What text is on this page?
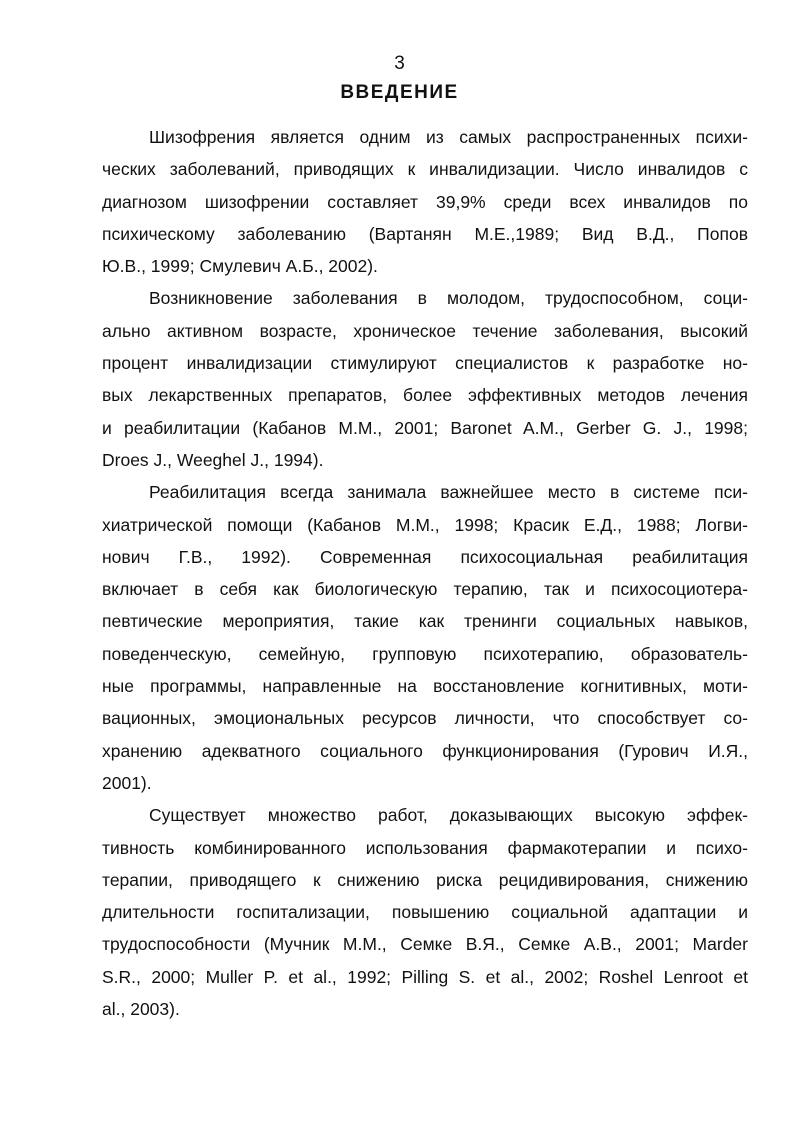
3
ВВЕДЕНИЕ

Шизофрения является одним из самых распространенных психи-
ческих заболеваний, приводящих к инвалидизации. Число инвалидов с
диагнозом шизофрении составляет 39,9% среди всех инвалидов по
психическому заболеванию (Вартанян М.Е.,1989; Вид В.Д., Попов
Ю.В., 1999; Смулевич А.Б., 2002).

Возникновение заболевания в молодом, трудоспособном, соци-
ально активном возрасте, хроническое течение заболевания, высокий
процент инвалидизации стимулируют специалистов к разработке но-
вых лекарственных препаратов, более эффективных методов лечения
и реабилитации (Кабанов М.М., 2001; Baronet A.M., Gerber G. J., 1998;
Droes J., Weeghel J., 1994).

Реабилитация всегда занимала важнейшее место в системе пси-
хиатрической помощи (Кабанов М.М., 1998; Красик Е.Д., 1988; Логви-
нович Г.В., 1992). Современная психосоциальная реабилитация
включает в себя как биологическую терапию, так и психосоциотера-
певтические мероприятия, такие как тренинги социальных навыков,
поведенческую, семейную, групповую психотерапию, образователь-
ные программы, направленные на восстановление когнитивных, моти-
вационных, эмоциональных ресурсов личности, что способствует со-
хранению адекватного социального функционирования (Гурович И.Я.,
2001).

Существует множество работ, доказывающих высокую эффек-
тивность комбинированного использования фармакотерапии и психо-
терапии, приводящего к снижению риска рецидивирования, снижению
длительности госпитализации, повышению социальной адаптации и
трудоспособности (Мучник М.М., Семке В.Я., Семке А.В., 2001; Marder
S.R., 2000; Muller P. et al., 1992; Pilling S. et al., 2002; Roshel Lenroot et
al., 2003).
